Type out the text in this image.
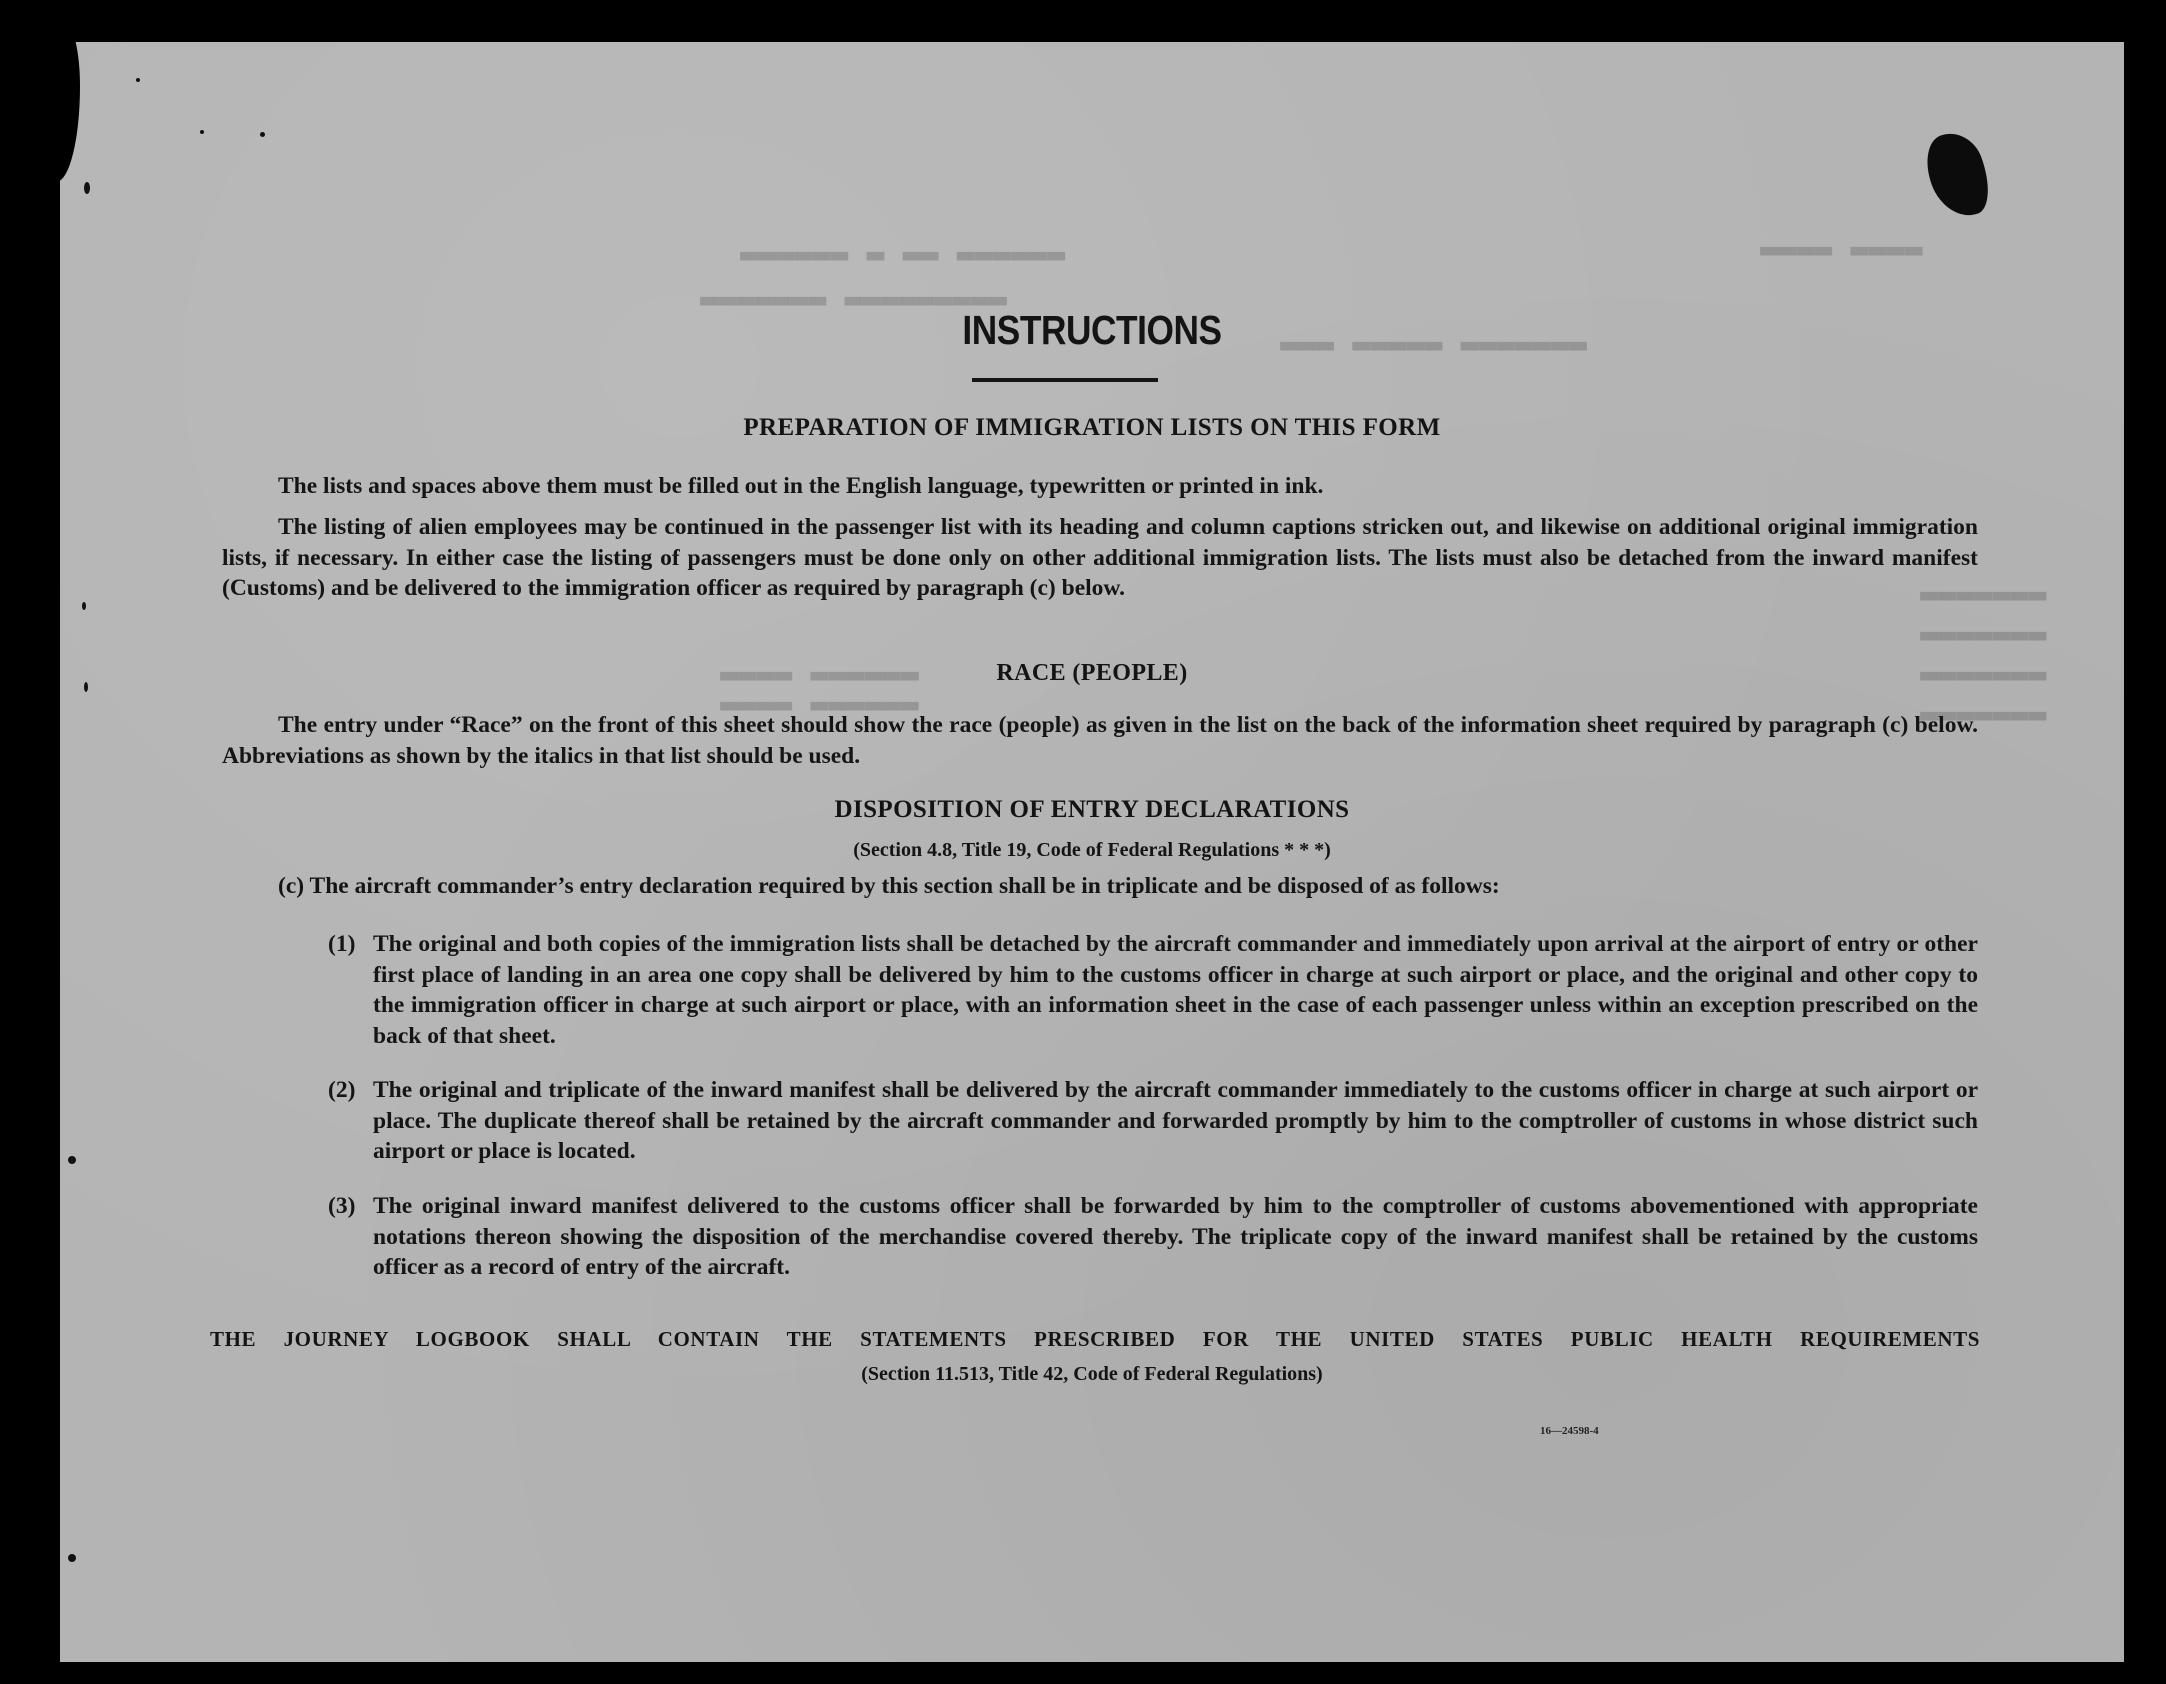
▬▬▬▬ ▬▬▬▬
▬▬▬▬▬▬ ▬▬ ▬ ▬▬▬▬▬▬
▬▬▬▬▬▬▬▬▬ ▬▬▬▬▬▬▬
▬▬▬▬▬▬▬ ▬▬▬▬▬ ▬▬▬
▬▬▬▬▬▬▬
▬▬▬▬▬▬▬
▬▬▬▬▬▬▬
▬▬▬▬▬▬▬
▬▬▬▬▬▬ ▬▬▬▬
▬▬▬▬▬▬ ▬▬▬▬
INSTRUCTIONS
PREPARATION OF IMMIGRATION LISTS ON THIS FORM
The lists and spaces above them must be filled out in the English language, typewritten or printed in ink.
The listing of alien employees may be continued in the passenger list with its heading and column captions stricken out, and likewise on additional original immigration lists, if necessary. In either case the listing of passengers must be done only on other additional immigration lists. The lists must also be detached from the inward manifest (Customs) and be delivered to the immigration officer as required by paragraph (c) below.
RACE (PEOPLE)
The entry under “Race” on the front of this sheet should show the race (people) as given in the list on the back of the information sheet required by paragraph (c) below. Abbreviations as shown by the italics in that list should be used.
DISPOSITION OF ENTRY DECLARATIONS
(Section 4.8, Title 19, Code of Federal Regulations * * *)
(c) The aircraft commander’s entry declaration required by this section shall be in triplicate and be disposed of as follows:
(1) The original and both copies of the immigration lists shall be detached by the aircraft commander and immediately upon arrival at the airport of entry or other first place of landing in an area one copy shall be delivered by him to the customs officer in charge at such airport or place, and the original and other copy to the immigration officer in charge at such airport or place, with an information sheet in the case of each passenger unless within an exception prescribed on the back of that sheet.
(2) The original and triplicate of the inward manifest shall be delivered by the aircraft commander immediately to the customs officer in charge at such airport or place. The duplicate thereof shall be retained by the aircraft commander and forwarded promptly by him to the comptroller of customs in whose district such airport or place is located.
(3) The original inward manifest delivered to the customs officer shall be forwarded by him to the comptroller of customs abovementioned with appropriate notations thereon showing the disposition of the merchandise covered thereby. The triplicate copy of the inward manifest shall be retained by the customs officer as a record of entry of the aircraft.
THE JOURNEY LOGBOOK SHALL CONTAIN THE STATEMENTS PRESCRIBED FOR THE UNITED STATES PUBLIC HEALTH REQUIREMENTS
(Section 11.513, Title 42, Code of Federal Regulations)
16—24598-4
